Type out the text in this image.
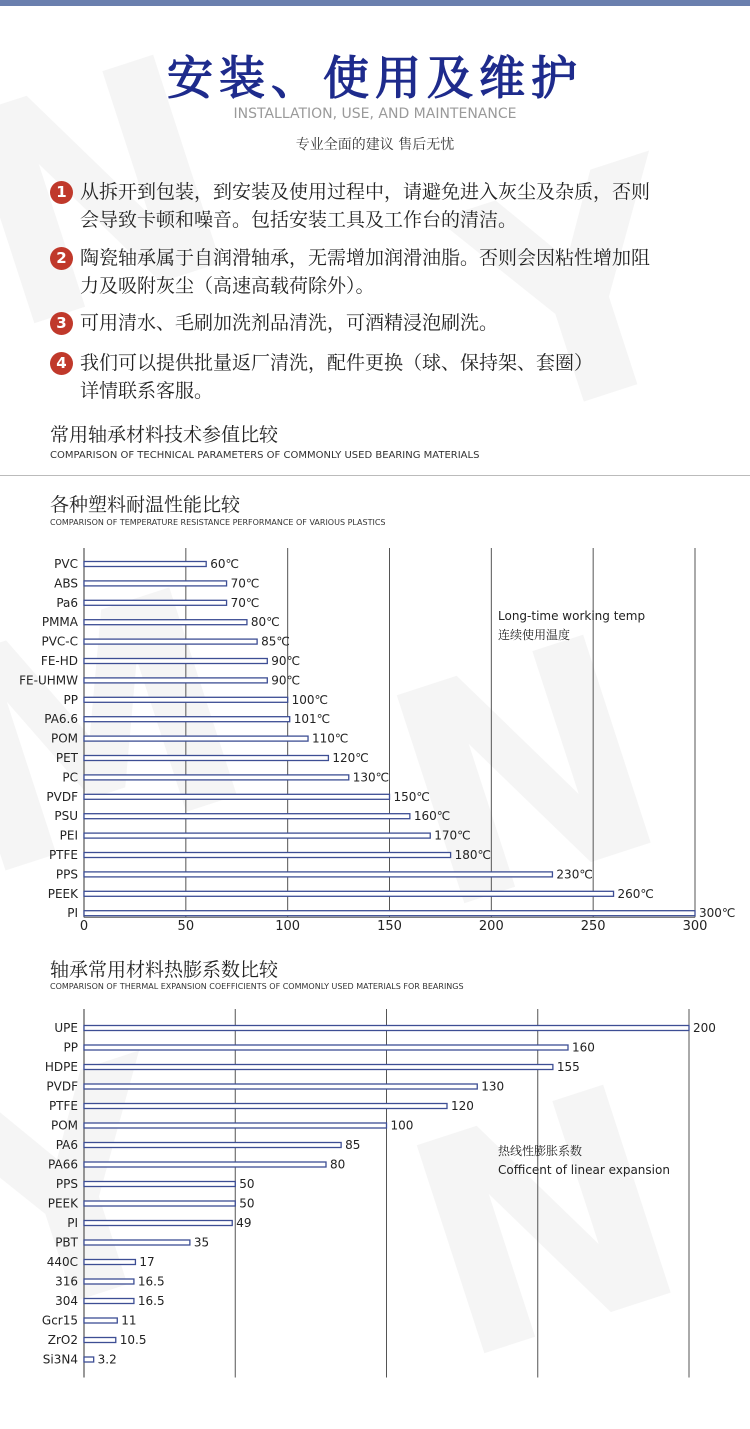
安装、使用及维护
INSTALLATION, USE, AND MAINTENANCE
专业全面的建议 售后无忧
1 从拆开到包装，到安装及使用过程中，请避免进入灰尘及杂质，否则
会导致卡顿和噪音。包括安装工具及工作台的清洁。
2 陶瓷轴承属于自润滑轴承，无需增加润滑油脂。否则会因粘性增加阻
力及吸附灰尘（高速高载荷除外）。
3 可用清水、毛刷加洗剂品清洗，可酒精浸泡刷洗。
4 我们可以提供批量返厂清洗，配件更换（球、保持架、套圈）
详情联系客服。
常用轴承材料技术参值比较
COMPARISON OF TECHNICAL PARAMETERS OF COMMONLY USED BEARING MATERIALS
各种塑料耐温性能比较
COMPARISON OF TEMPERATURE RESISTANCE PERFORMANCE OF VARIOUS PLASTICS
0	50	100	150	200	250	300
PVC	60℃
ABS	70℃
Pa6	70℃
PMMA	80℃
PVC-C	85℃
FE-HD	90℃
FE-UHMW	90℃
PP	100℃
PA6.6	101℃
POM	110℃
PET	120℃
PC	130℃
PVDF	150℃
PSU	160℃
PEI	170℃
PTFE	180℃
PPS	230℃
PEEK	260℃
PI	300℃
Long-time working temp
连续使用温度
轴承常用材料热膨系数比较
COMPARISON OF THERMAL EXPANSION COEFFICIENTS OF COMMONLY USED MATERIALS FOR BEARINGS
UPE	200
PP	160
HDPE	155
PVDF	130
PTFE	120
POM	100
PA6	85
PA66	80
PPS	50
PEEK	50
PI	49
PBT	35
440C	17
316	16.5
304	16.5
Gcr15	11
ZrO2	10.5
Si3N4 3.2
热线性膨胀系数
Cofficent of linear expansion
